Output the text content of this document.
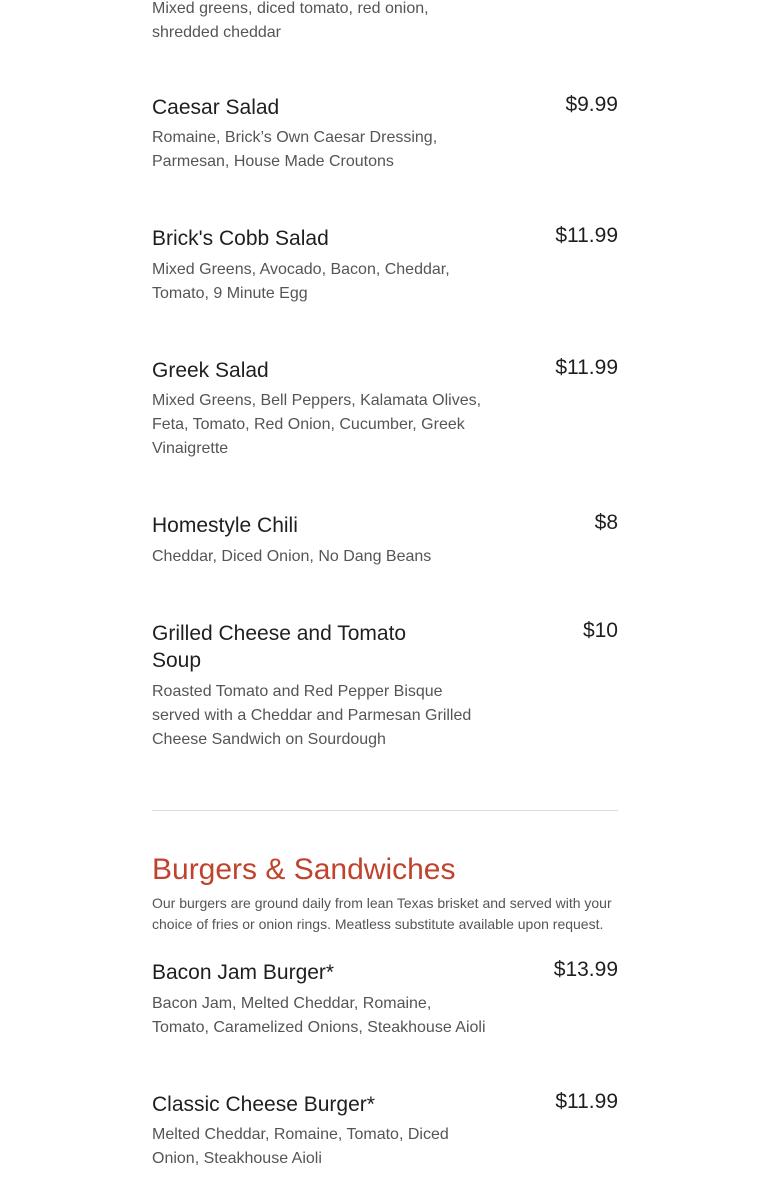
Mixed greens, diced tomato, red onion, shredded cheddar

$9.99

Caesar Salad

Romaine, Brick’s Own Caesar Dressing, Parmesan, House Made Croutons

$11.99

Brick's Cobb Salad

Mixed Greens, Avocado, Bacon, Cheddar, Tomato, 9 Minute Egg

$11.99

Greek Salad

Mixed Greens, Bell Peppers, Kalamata Olives, Feta, Tomato, Red Onion, Cucumber, Greek Vinaigrette

$8

Homestyle Chili

Cheddar, Diced Onion, No Dang Beans

$10

Grilled Cheese and Tomato Soup

Roasted Tomato and Red Pepper Bisque served with a Cheddar and Parmesan Grilled Cheese Sandwich on Sourdough

Burgers & Sandwiches

Our burgers are ground daily from lean Texas brisket and served with your choice of fries or onion rings. Meatless substitute available upon request.

$13.99

Bacon Jam Burger*

Bacon Jam, Melted Cheddar, Romaine, Tomato, Caramelized Onions, Steakhouse Aioli

$11.99

Classic Cheese Burger*

Melted Cheddar, Romaine, Tomato, Diced Onion, Steakhouse Aioli
